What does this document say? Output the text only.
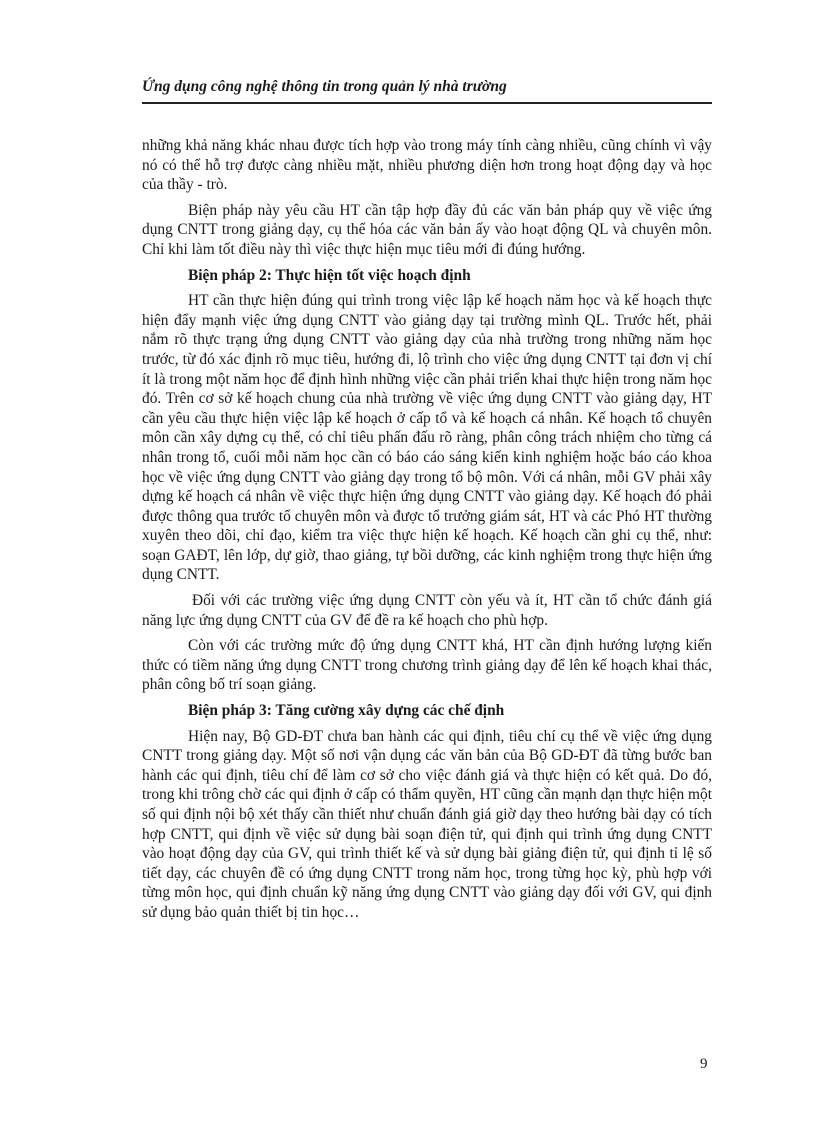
Ứng dụng công nghệ thông tin trong quản lý nhà trường

những khả năng khác nhau được tích hợp vào trong máy tính càng nhiều, cũng chính vì vậy nó có thể hỗ trợ được càng nhiều mặt, nhiều phương diện hơn trong hoạt động dạy và học của thầy - trò.

Biện pháp này yêu cầu HT cần tập hợp đầy đủ các văn bản pháp quy về việc ứng dụng CNTT trong giảng dạy, cụ thể hóa các văn bản ấy vào hoạt động QL và chuyên môn. Chỉ khi làm tốt điều này thì việc thực hiện mục tiêu mới đi đúng hướng.

Biện pháp 2: Thực hiện tốt việc hoạch định

HT cần thực hiện đúng qui trình trong việc lập kế hoạch năm học và kế hoạch thực hiện đẩy mạnh việc ứng dụng CNTT vào giảng dạy tại trường mình QL. Trước hết, phải nắm rõ thực trạng ứng dụng CNTT vào giảng dạy của nhà trường trong những năm học trước, từ đó xác định rõ mục tiêu, hướng đi, lộ trình cho việc ứng dụng CNTT tại đơn vị chí ít là trong một năm học để định hình những việc cần phải triển khai thực hiện trong năm học đó. Trên cơ sở kế hoạch chung của nhà trường về việc ứng dụng CNTT vào giảng dạy, HT cần yêu cầu thực hiện việc lập kế hoạch ở cấp tổ và kế hoạch cá nhân. Kế hoạch tổ chuyên môn cần xây dựng cụ thể, có chỉ tiêu phấn đấu rõ ràng, phân công trách nhiệm cho từng cá nhân trong tổ, cuối mỗi năm học cần có báo cáo sáng kiến kinh nghiệm hoặc báo cáo khoa học về việc ứng dụng CNTT vào giảng dạy trong tổ bộ môn. Với cá nhân, mỗi GV phải xây dựng kế hoạch cá nhân về việc thực hiện ứng dụng CNTT vào giảng dạy. Kế hoạch đó phải được thông qua trước tổ chuyên môn và được tổ trưởng giám sát, HT và các Phó HT thường xuyên theo dõi, chỉ đạo, kiểm tra việc thực hiện kế hoạch. Kế hoạch cần ghi cụ thể, như: soạn GAĐT, lên lớp, dự giờ, thao giảng, tự bồi dưỡng, các kinh nghiệm trong thực hiện ứng dụng CNTT.

Đối với các trường việc ứng dụng CNTT còn yếu và ít, HT cần tổ chức đánh giá năng lực ứng dụng CNTT của GV để đề ra kế hoạch cho phù hợp.

Còn với các trường mức độ ứng dụng CNTT khá, HT cần định hướng lượng kiến thức có tiềm năng ứng dụng CNTT trong chương trình giảng dạy để lên kế hoạch khai thác, phân công bố trí soạn giảng.

Biện pháp 3: Tăng cường xây dựng các chế định

Hiện nay, Bộ GD-ĐT chưa ban hành các qui định, tiêu chí cụ thể về việc ứng dụng CNTT trong giảng dạy. Một số nơi vận dụng các văn bản của Bộ GD-ĐT đã từng bước ban hành các qui định, tiêu chí để làm cơ sở cho việc đánh giá và thực hiện có kết quả. Do đó, trong khi trông chờ các qui định ở cấp có thẩm quyền, HT cũng cần mạnh dạn thực hiện một số qui định nội bộ xét thấy cần thiết như chuẩn đánh giá giờ dạy theo hướng bài dạy có tích hợp CNTT, qui định về việc sử dụng bài soạn điện tử, qui định qui trình ứng dụng CNTT vào hoạt động dạy của GV, qui trình thiết kế và sử dụng bài giảng điện tử, qui định tỉ lệ số tiết dạy, các chuyên đề có ứng dụng CNTT trong năm học, trong từng học kỳ, phù hợp với từng môn học, qui định chuẩn kỹ năng ứng dụng CNTT vào giảng dạy đối với GV, qui định sử dụng bảo quản thiết bị tin học…

9
